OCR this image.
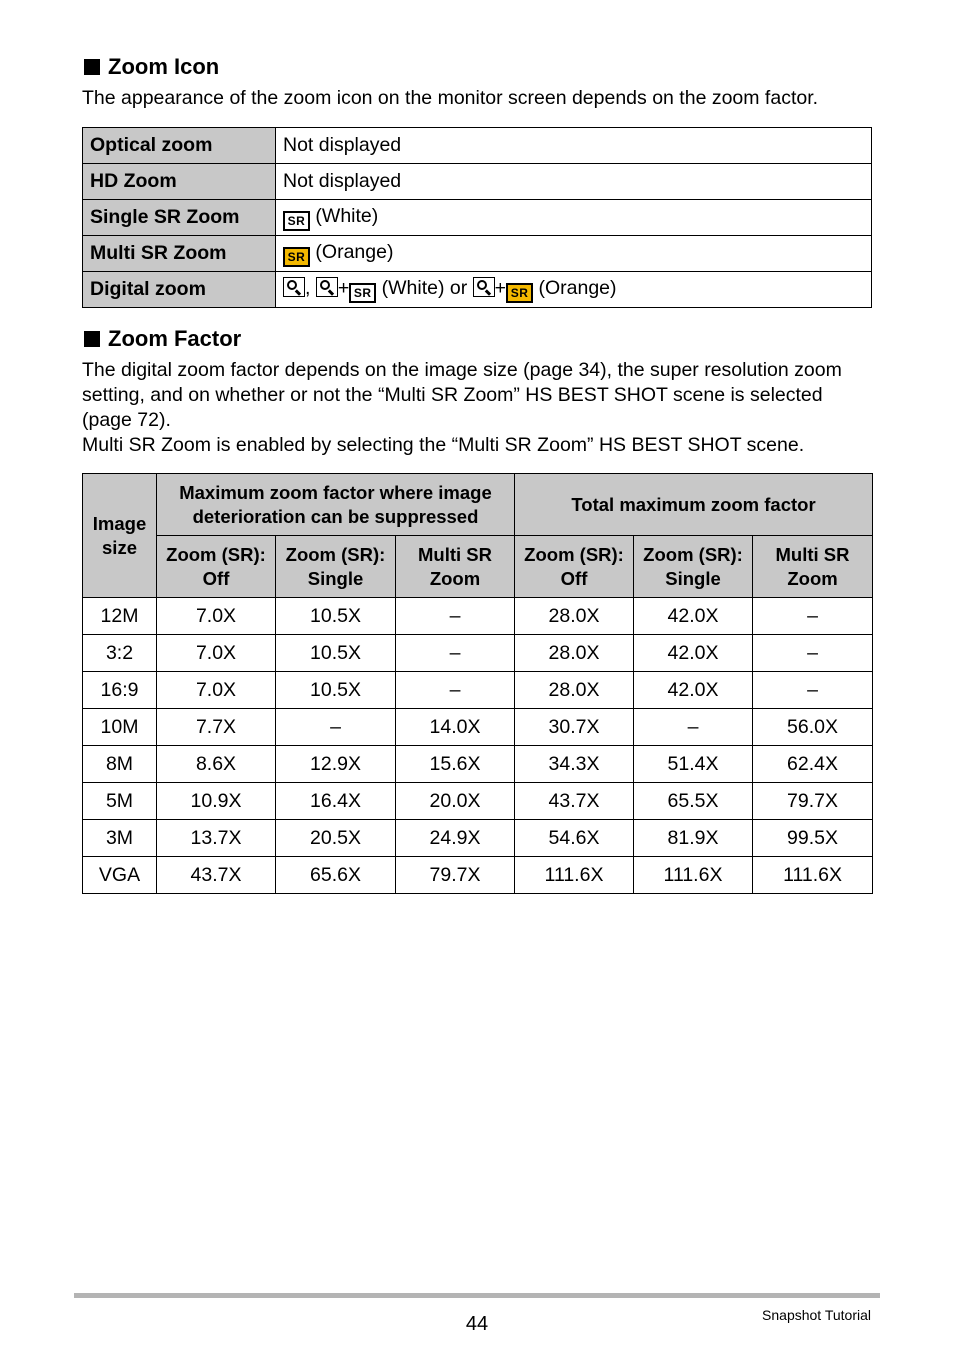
Zoom Icon

The appearance of the zoom icon on the monitor screen depends on the zoom factor.

Optical zoom	Not displayed
HD Zoom	Not displayed
Single SR Zoom	SR (White)
Multi SR Zoom	SR (Orange)
Digital zoom	, + SR (White) or + SR (Orange)
Zoom Factor

The digital zoom factor depends on the image size (page 34), the super resolution zoom setting, and on whether or not the “Multi SR Zoom” HS BEST SHOT scene is selected (page 72).

Multi SR Zoom is enabled by selecting the “Multi SR Zoom” HS BEST SHOT scene.

Image size	Maximum zoom factor where image deterioration can be suppressed			Total maximum zoom factor		
	Zoom (SR): Off	Zoom (SR): Single	Multi SR Zoom	Zoom (SR): Off	Zoom (SR): Single	Multi SR Zoom
12M	7.0X	10.5X	–	28.0X	42.0X	–
3:2	7.0X	10.5X	–	28.0X	42.0X	–
16:9	7.0X	10.5X	–	28.0X	42.0X	–
10M	7.7X	–	14.0X	30.7X	–	56.0X
8M	8.6X	12.9X	15.6X	34.3X	51.4X	62.4X
5M	10.9X	16.4X	20.0X	43.7X	65.5X	79.7X
3M	13.7X	20.5X	24.9X	54.6X	81.9X	99.5X
VGA	43.7X	65.6X	79.7X	111.6X	111.6X	111.6X
44	Snapshot Tutorial
